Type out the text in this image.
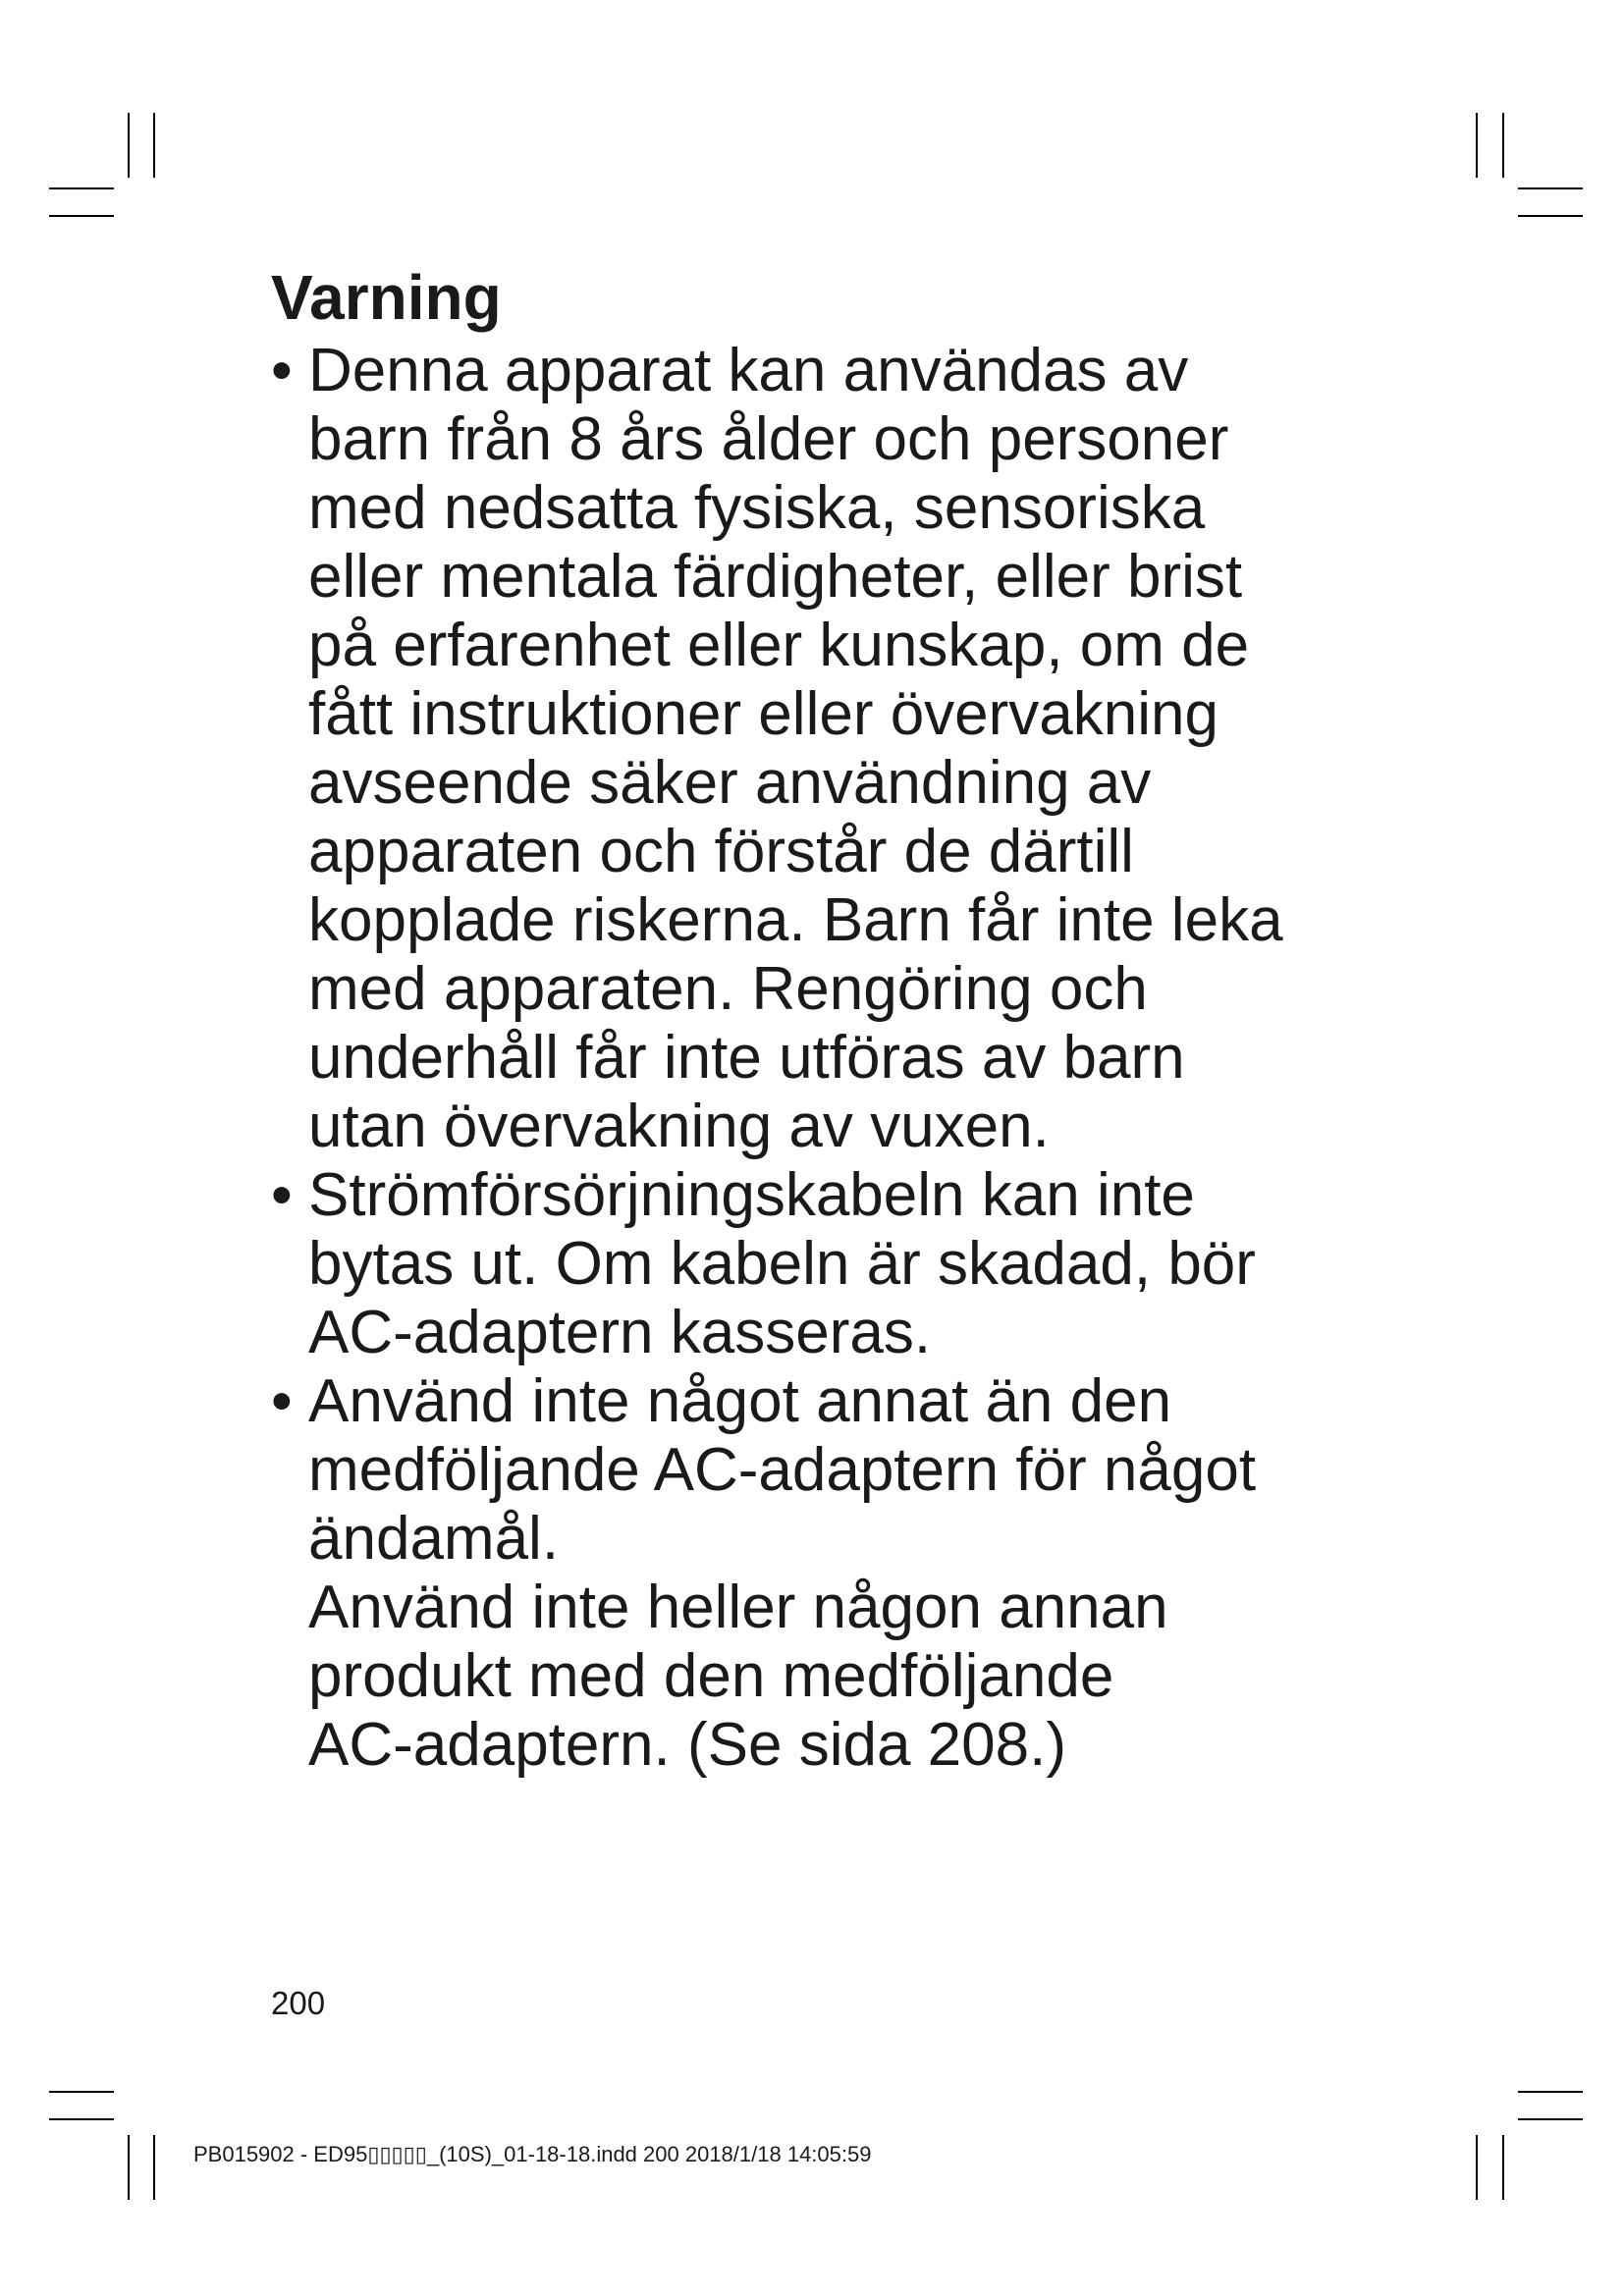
Varning
• Denna apparat kan användas av
barn från 8 års ålder och personer
med nedsatta fysiska, sensoriska
eller mentala färdigheter, eller brist
på erfarenhet eller kunskap, om de
fått instruktioner eller övervakning
avseende säker användning av
apparaten och förstår de därtill
kopplade riskerna. Barn får inte leka
med apparaten. Rengöring och
underhåll får inte utföras av barn
utan övervakning av vuxen.
• Strömförsörjningskabeln kan inte
bytas ut. Om kabeln är skadad, bör
AC-adaptern kasseras.
• Använd inte något annat än den
medföljande AC-adaptern för något
ändamål.
Använd inte heller någon annan
produkt med den medföljande
AC-adaptern. (Se sida 208.)
200
PB015902 - ED95▯▯▯▯▯_(10S)_01-18-18.indd 200 2018/1/18 14:05:59
